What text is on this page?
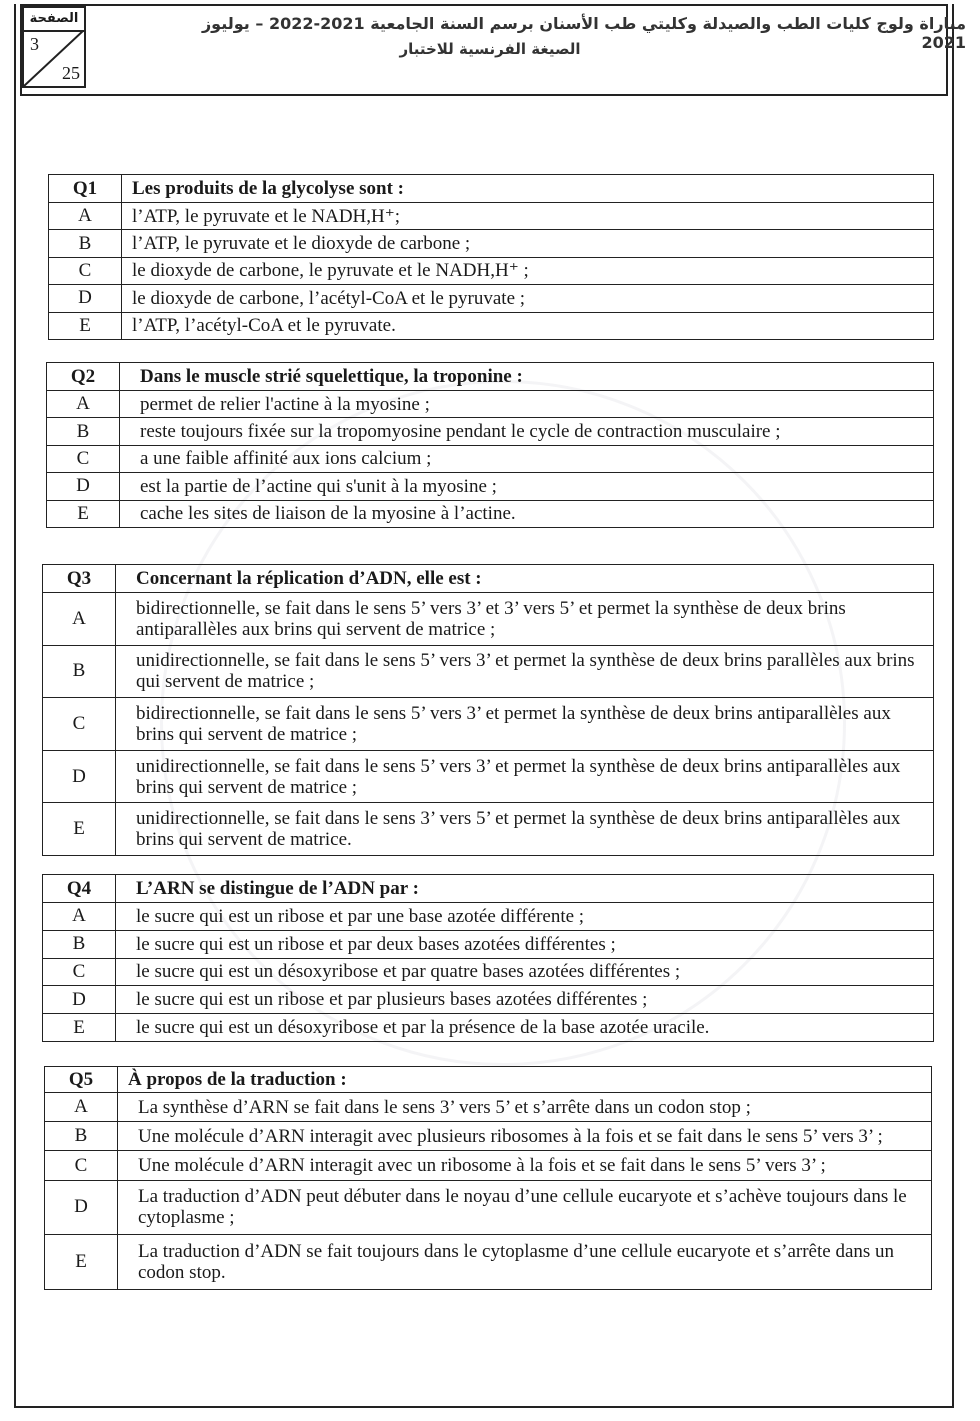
الصفحة
3
25
مباراة ولوج كليات الطب والصيدلة وكليتي طب الأسنان برسم السنة الجامعية 2021-2022 – يوليوز 2021
الصيغة الفرنسية للاختبار
Q1	Les produits de la glycolyse sont :
A	l’ATP, le pyruvate et le NADH,H⁺;
B	l’ATP, le pyruvate et le dioxyde de carbone ;
C	le dioxyde de carbone, le pyruvate et le NADH,H⁺ ;
D	le dioxyde de carbone, l’acétyl-CoA et le pyruvate ;
E	l’ATP, l’acétyl-CoA et le pyruvate.
Q2	Dans le muscle strié squelettique, la troponine :
A	permet de relier l'actine à la myosine ;
B	reste toujours fixée sur la tropomyosine pendant le cycle de contraction musculaire ;
C	a une faible affinité aux ions calcium ;
D	est la partie de l’actine qui s'unit à la myosine ;
E	cache les sites de liaison de la myosine à l’actine.
Q3	Concernant la réplication d’ADN, elle est :
A	bidirectionnelle, se fait dans le sens 5’ vers 3’ et 3’ vers 5’ et permet la synthèse de deux brins antiparallèles aux brins qui servent de matrice ;
B	unidirectionnelle, se fait dans le sens 5’ vers 3’ et permet la synthèse de deux brins parallèles aux brins qui servent de matrice ;
C	bidirectionnelle, se fait dans le sens 5’ vers 3’ et permet la synthèse de deux brins antiparallèles aux brins qui servent de matrice ;
D	unidirectionnelle, se fait dans le sens 5’ vers 3’ et permet la synthèse de deux brins antiparallèles aux brins qui servent de matrice ;
E	unidirectionnelle, se fait dans le sens 3’ vers 5’ et permet la synthèse de deux brins antiparallèles aux brins qui servent de matrice.
Q4	L’ARN se distingue de l’ADN par :
A	le sucre qui est un ribose et par une base azotée différente ;
B	le sucre qui est un ribose et par deux bases azotées différentes ;
C	le sucre qui est un désoxyribose et par quatre bases azotées différentes ;
D	le sucre qui est un ribose et par plusieurs bases azotées différentes ;
E	le sucre qui est un désoxyribose et par la présence de la base azotée uracile.
Q5	À propos de la traduction :
A	La synthèse d’ARN se fait dans le sens 3’ vers 5’ et s’arrête dans un codon stop ;
B	Une molécule d’ARN interagit avec plusieurs ribosomes à la fois et se fait dans le sens 5’ vers 3’ ;
C	Une molécule d’ARN interagit avec un ribosome à la fois et se fait dans le sens 5’ vers 3’ ;
D	La traduction d’ADN peut débuter dans le noyau d’une cellule eucaryote et s’achève toujours dans le cytoplasme ;
E	La traduction d’ADN se fait toujours dans le cytoplasme d’une cellule eucaryote et s’arrête dans un codon stop.
